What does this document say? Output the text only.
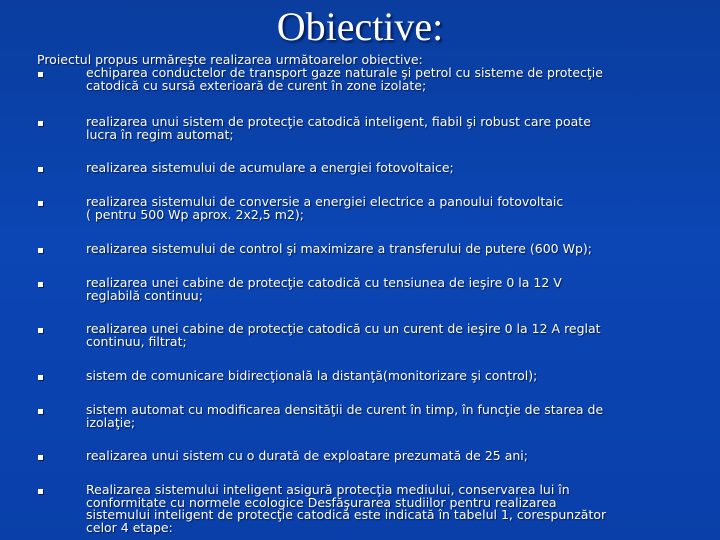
Obiective:
Proiectul propus urmăreşte realizarea următoarelor obiective:
echiparea conductelor de transport gaze naturale şi petrol cu sisteme de protecţie
catodică cu sursă exterioară de curent în zone izolate;
realizarea unui sistem de protecţie catodică inteligent, fiabil şi robust care poate
lucra în regim automat;
realizarea sistemului de acumulare a energiei fotovoltaice;
realizarea sistemului de conversie a energiei electrice a panoului fotovoltaic
( pentru 500 Wp aprox. 2x2,5 m2);
realizarea sistemului de control şi maximizare a transferului de putere (600 Wp);
realizarea unei cabine de protecţie catodică cu tensiunea de ieşire 0 la 12 V
reglabilă continuu;
realizarea unei cabine de protecţie catodică cu un curent de ieşire 0 la 12 A reglat
continuu, filtrat;
sistem de comunicare bidirecţională la distanţă(monitorizare şi control);
sistem automat cu modificarea densităţii de curent în timp, în funcţie de starea de
izolaţie;
realizarea unui sistem cu o durată de exploatare prezumată de 25 ani;
Realizarea sistemului inteligent asigură protecţia mediului, conservarea lui în
conformitate cu normele ecologice Desfăşurarea studiilor pentru realizarea
sistemului inteligent de protecţie catodică este indicată în tabelul 1, corespunzător
celor 4 etape:
